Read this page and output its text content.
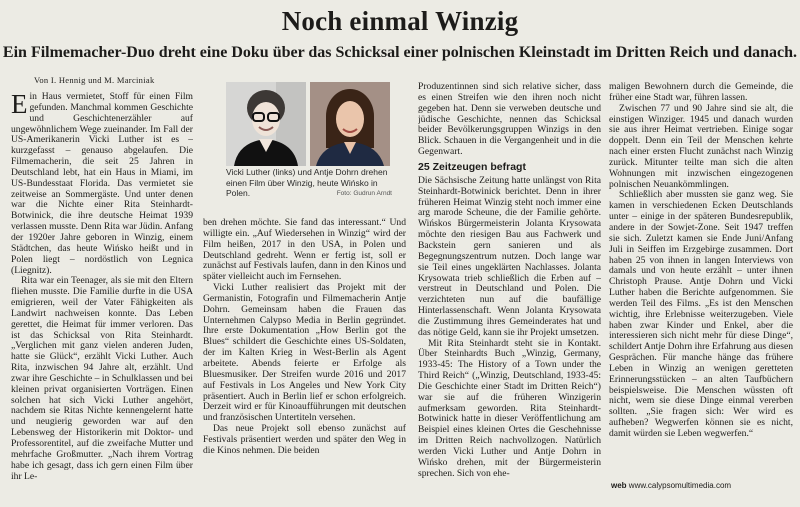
Noch einmal Winzig
Ein Filmemacher-Duo dreht eine Doku über das Schicksal einer polnischen Kleinstadt im Dritten Reich und danach.
Von I. Hennig und M. Marciniak

Ein Haus vermietet, Stoff für einen Film gefunden. Manchmal kommen Geschichte und Geschichtenerzähler auf ungewöhnlichem Wege zueinander. Im Fall der US-Amerikanerin Vicki Luther ist es – kurzgefasst – genauso abgelaufen. Die Filmemacherin, die seit 25 Jahren in Deutschland lebt, hat ein Haus in Miami, im US-Bundesstaat Florida. Das vermietet sie zeitweise an Sommergäste. Und unter denen war die Nichte einer Rita Steinhardt-Botwinick, die ihre deutsche Heimat 1939 verlassen musste. Denn Rita war Jüdin. Anfang der 1920er Jahre geboren in Winzig, einem Städtchen, das heute Wińsko heißt und in Polen liegt – nordöstlich von Legnica (Liegnitz).

Rita war ein Teenager, als sie mit den Eltern fliehen musste. Die Familie durfte in die USA emigrieren, weil der Vater Fähigkeiten als Landwirt nachweisen konnte. Das Leben gerettet, die Heimat für immer verloren. Das ist das Schicksal von Rita Steinhardt. „Verglichen mit ganz vielen anderen Juden, hatte sie Glück“, erzählt Vicki Luther. Auch Rita, inzwischen 94 Jahre alt, erzählt. Und zwar ihre Geschichte – in Schulklassen und bei kleinen privat organisierten Vorträgen. Einen solchen hat sich Vicki Luther angehört, nachdem sie Ritas Nichte kennengelernt hatte und neugierig geworden war auf den Lebensweg der Historikerin mit Doktor- und Professorentitel, auf die zweifache Mutter und mehrfache Großmutter. „Nach ihrem Vortrag habe ich gesagt, dass ich gern einen Film über ihr Le-

Vicki Luther (links) und Antje Dohrn drehen einen Film über Winzig, heute Wińsko in Polen.	Foto: Gudrun Arndt

ben drehen möchte. Sie fand das interessant.“ Und willigte ein. „Auf Wiedersehen in Winzig“ wird der Film heißen, 2017 in den USA, in Polen und Deutschland gedreht. Wenn er fertig ist, soll er zunächst auf Festivals laufen, dann in den Kinos und später vielleicht auch im Fernsehen.

Vicki Luther realisiert das Projekt mit der Germanistin, Fotografin und Filmemacherin Antje Dohrn. Gemeinsam haben die Frauen das Unternehmen Calypso Media in Berlin gegründet. Ihre erste Dokumentation „How Berlin got the Blues“ schildert die Geschichte eines US-Soldaten, der im Kalten Krieg in West-Berlin als Agent arbeitete. Abends feierte er Erfolge als Bluesmusiker. Der Streifen wurde 2016 und 2017 auf Festivals in Los Angeles und New York City präsentiert. Auch in Berlin lief er schon erfolgreich. Derzeit wird er für Kinoaufführungen mit deutschen und französischen Untertiteln versehen.

Das neue Projekt soll ebenso zunächst auf Festivals präsentiert werden und später den Weg in die Kinos nehmen. Die beiden

Produzentinnen sind sich relative sicher, dass es einen Streifen wie den ihren noch nicht gegeben hat. Denn sie verweben deutsche und jüdische Geschichte, nennen das Schicksal beider Bevölkerungsgruppen Winzigs in den Blick. Schauen in die Vergangenheit und in die Gegenwart.

25 Zeitzeugen befragt

Die Sächsische Zeitung hatte unlängst von Rita Steinhardt-Botwinick berichtet. Denn in ihrer früheren Heimat Winzig steht noch immer eine arg marode Scheune, die der Familie gehörte. Wińskos Bürgermeisterin Jolanta Krysowata möchte den riesigen Bau aus Fachwerk und Backstein gern sanieren und als Begegnungszentrum nutzen. Doch lange war sie Teil eines ungeklärten Nachlasses. Jolanta Krysowata trieb schließlich die Erben auf – verstreut in Deutschland und Polen. Die verzichteten nun auf die baufällige Hinterlassenschaft. Wenn Jolanta Krysowata die Zustimmung ihres Gemeinderates hat und das nötige Geld, kann sie ihr Projekt umsetzen.

Mit Rita Steinhardt steht sie in Kontakt. Über Steinhardts Buch „Winzig, Germany, 1933-45: The History of a Town under the Third Reich“ („Winzig, Deutschland, 1933-45: Die Geschichte einer Stadt im Dritten Reich“) war sie auf die früheren Winzigerin aufmerksam geworden. Rita Steinhardt-Botwinick hatte in dieser Veröffentlichung am Beispiel eines kleinen Ortes die Geschehnisse im Dritten Reich nachvollzogen. Natürlich werden Vicki Luther und Antje Dohrn in Wińsko drehen, mit der Bürgermeisterin sprechen. Sich von ehe-

maligen Bewohnern durch die Gemeinde, die früher eine Stadt war, führen lassen.

Zwischen 77 und 90 Jahre sind sie alt, die einstigen Winziger. 1945 und danach wurden sie aus ihrer Heimat vertrieben. Einige sogar doppelt. Denn ein Teil der Menschen kehrte nach einer ersten Flucht zunächst nach Winzig zurück. Mitunter teilte man sich die alten Wohnungen mit inzwischen eingezogenen polnischen Neuankömmlingen.

Schließlich aber mussten sie ganz weg. Sie kamen in verschiedenen Ecken Deutschlands unter – einige in der späteren Bundesrepublik, andere in der Sowjet-Zone. Seit 1947 treffen sie sich. Zuletzt kamen sie Ende Juni/Anfang Juli in Seiffen im Erzgebirge zusammen. Dort haben 25 von ihnen in langen Interviews von damals und von heute erzählt – unter ihnen Christoph Prause. Antje Dohrn und Vicki Luther haben die Berichte aufgenommen. Sie werden Teil des Films. „Es ist den Menschen wichtig, ihre Erlebnisse weiterzugeben. Viele haben zwar Kinder und Enkel, aber die interessieren sich nicht mehr für diese Dinge“, schildert Antje Dohrn ihre Erfahrung aus diesen Gesprächen. Für manche hänge das frühere Leben in Winzig an wenigen geretteten Erinnerungsstücken – an alten Taufbüchern beispielsweise. Die Menschen wüssten oft nicht, wem sie diese Dinge einmal vererben sollten. „Sie fragen sich: Wer wird es aufheben? Wegwerfen können sie es nicht, damit würden sie Leben wegwerfen.“

web www.calypsomultimedia.com
